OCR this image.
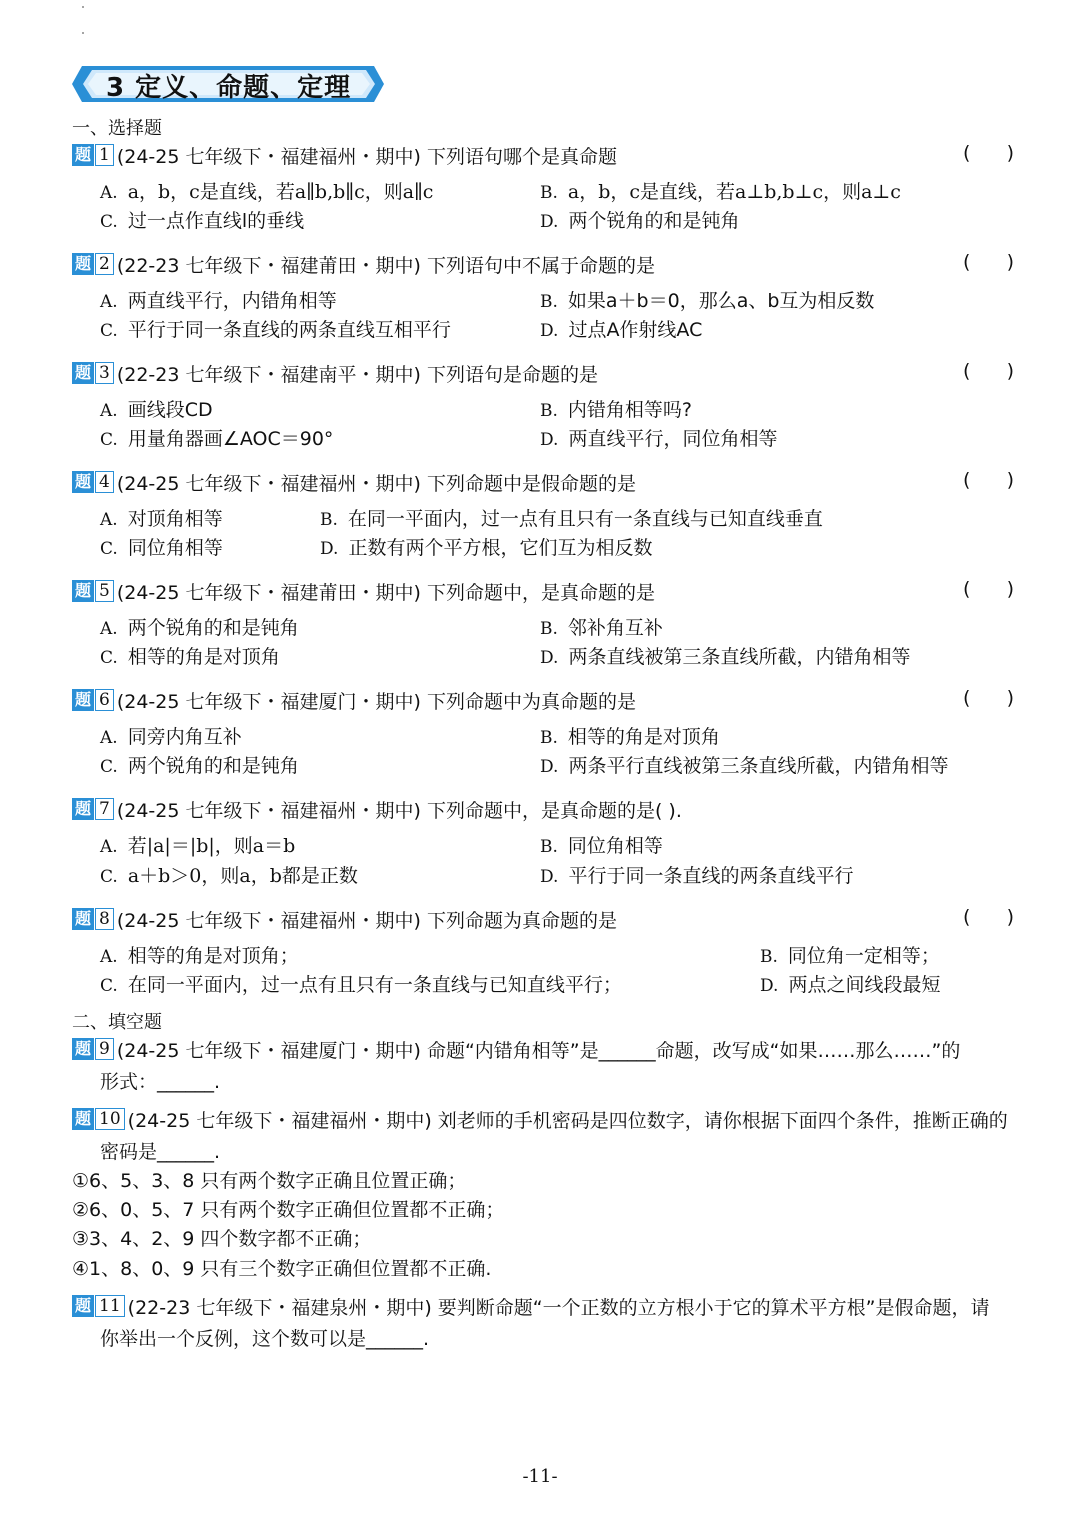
3 定义、命题、定理
一、选择题
题 1 (24-25 七年级下・福建福州・期中) 下列语句哪个是真命题	(      )
A. a，b，c是直线，若a∥b,b∥c，则a∥c	B. a，b，c是直线，若a⊥b,b⊥c，则a⊥c
C. 过一点作直线l的垂线	D. 两个锐角的和是钝角
题 2 (22-23 七年级下・福建莆田・期中) 下列语句中不属于命题的是	(      )
A. 两直线平行，内错角相等	B. 如果a＋b＝0，那么a、b互为相反数
C. 平行于同一条直线的两条直线互相平行	D. 过点A作射线AC
题 3 (22-23 七年级下・福建南平・期中) 下列语句是命题的是	(      )
A. 画线段CD	B. 内错角相等吗?
C. 用量角器画∠AOC＝90°	D. 两直线平行，同位角相等
题 4 (24-25 七年级下・福建福州・期中) 下列命题中是假命题的是	(      )
A. 对顶角相等	B. 在同一平面内，过一点有且只有一条直线与已知直线垂直
C. 同位角相等	D. 正数有两个平方根，它们互为相反数
题 5 (24-25 七年级下・福建莆田・期中) 下列命题中，是真命题的是	(      )
A. 两个锐角的和是钝角	B. 邻补角互补
C. 相等的角是对顶角	D. 两条直线被第三条直线所截，内错角相等
题 6 (24-25 七年级下・福建厦门・期中) 下列命题中为真命题的是	(      )
A. 同旁内角互补	B. 相等的角是对顶角
C. 两个锐角的和是钝角	D. 两条平行直线被第三条直线所截，内错角相等
题 7 (24-25 七年级下・福建福州・期中) 下列命题中，是真命题的是( ).
A. 若|a|＝|b|，则a＝b	B. 同位角相等
C. a＋b＞0，则a，b都是正数	D. 平行于同一条直线的两条直线平行
题 8 (24-25 七年级下・福建福州・期中) 下列命题为真命题的是	(      )
A. 相等的角是对顶角；	B. 同位角一定相等；
C. 在同一平面内，过一点有且只有一条直线与已知直线平行；	D. 两点之间线段最短
二、填空题
题 9 (24-25 七年级下・福建厦门・期中) 命题“内错角相等”是______命题，改写成“如果……那么……”的
形式：______.
题 10 (24-25 七年级下・福建福州・期中) 刘老师的手机密码是四位数字，请你根据下面四个条件，推断正确的
密码是______.
①6、5、3、8 只有两个数字正确且位置正确；
②6、0、5、7 只有两个数字正确但位置都不正确；
③3、4、2、9 四个数字都不正确；
④1、8、0、9 只有三个数字正确但位置都不正确.
题 11 (22-23 七年级下・福建泉州・期中) 要判断命题“一个正数的立方根小于它的算术平方根”是假命题，请
你举出一个反例，这个数可以是______.
-11-
